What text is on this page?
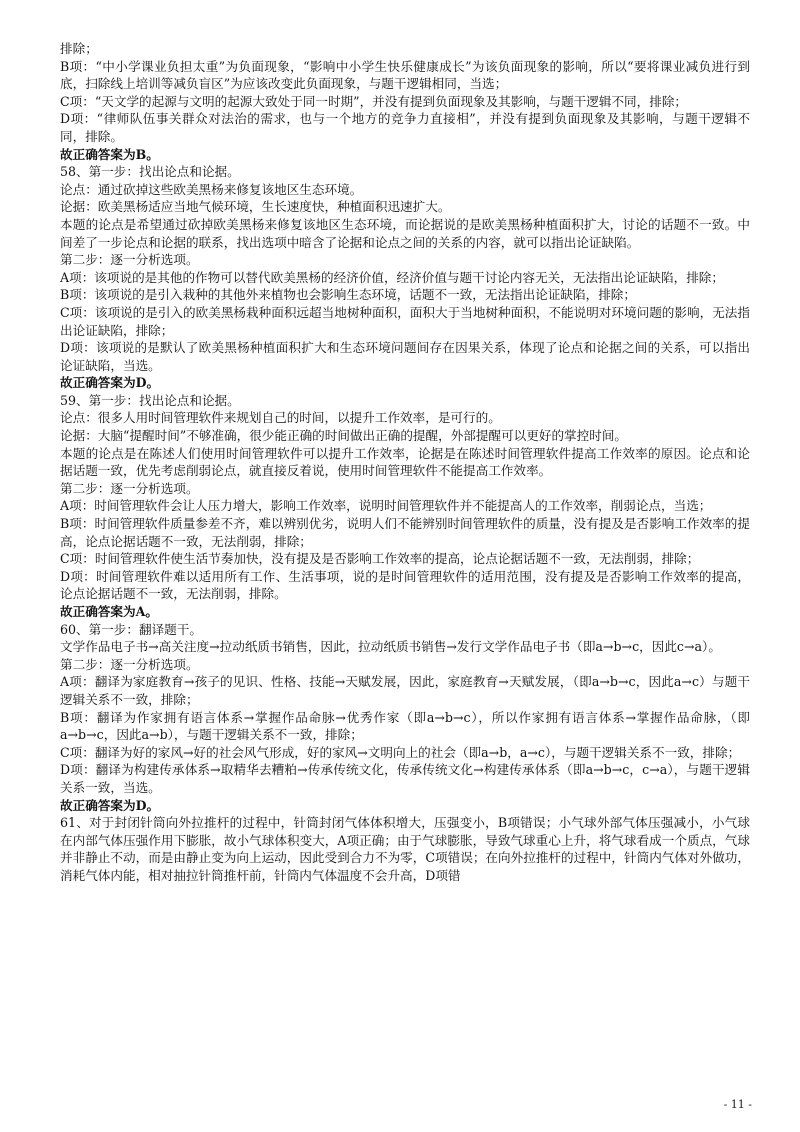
排除；

B项：“中小学课业负担太重”为负面现象，“影响中小学生快乐健康成长”为该负面现象的影响，所以“要将课业减负进行到底，扫除线上培训等减负盲区”为应该改变此负面现象，与题干逻辑相同，当选；

C项：“天文学的起源与文明的起源大致处于同一时期”，并没有提到负面现象及其影响，与题干逻辑不同，排除；

D项：“律师队伍事关群众对法治的需求，也与一个地方的竞争力直接相”，并没有提到负面现象及其影响，与题干逻辑不同，排除。

故正确答案为B。

58、第一步：找出论点和论据。

论点：通过砍掉这些欧美黑杨来修复该地区生态环境。

论据：欧美黑杨适应当地气候环境，生长速度快，种植面积迅速扩大。

本题的论点是希望通过砍掉欧美黑杨来修复该地区生态环境，而论据说的是欧美黑杨种植面积扩大，讨论的话题不一致。中间差了一步论点和论据的联系，找出选项中暗含了论据和论点之间的关系的内容，就可以指出论证缺陷。

第二步：逐一分析选项。

A项：该项说的是其他的作物可以替代欧美黑杨的经济价值，经济价值与题干讨论内容无关，无法指出论证缺陷，排除；

B项：该项说的是引入栽种的其他外来植物也会影响生态环境，话题不一致，无法指出论证缺陷，排除；

C项：该项说的是引入的欧美黑杨栽种面积远超当地树种面积，面积大于当地树种面积，不能说明对环境问题的影响，无法指出论证缺陷，排除；

D项：该项说的是默认了欧美黑杨种植面积扩大和生态环境问题间存在因果关系，体现了论点和论据之间的关系，可以指出论证缺陷，当选。

故正确答案为D。

59、第一步：找出论点和论据。

论点：很多人用时间管理软件来规划自己的时间，以提升工作效率，是可行的。

论据：大脑“提醒时间”不够准确，很少能正确的时间做出正确的提醒，外部提醒可以更好的掌控时间。

本题的论点是在陈述人们使用时间管理软件可以提升工作效率，论据是在陈述时间管理软件提高工作效率的原因。论点和论据话题一致，优先考虑削弱论点，就直接反着说，使用时间管理软件不能提高工作效率。

第二步：逐一分析选项。

A项：时间管理软件会让人压力增大，影响工作效率，说明时间管理软件并不能提高人的工作效率，削弱论点，当选；

B项：时间管理软件质量参差不齐，难以辨别优劣，说明人们不能辨别时间管理软件的质量，没有提及是否影响工作效率的提高，论点论据话题不一致，无法削弱，排除；

C项：时间管理软件使生活节奏加快，没有提及是否影响工作效率的提高，论点论据话题不一致，无法削弱，排除；

D项：时间管理软件难以适用所有工作、生活事项，说的是时间管理软件的适用范围，没有提及是否影响工作效率的提高，论点论据话题不一致，无法削弱，排除。

故正确答案为A。

60、第一步：翻译题干。

文学作品电子书→高关注度→拉动纸质书销售，因此，拉动纸质书销售→发行文学作品电子书（即a→b→c，因此c→a）。

第二步：逐一分析选项。

A项：翻译为家庭教育→孩子的见识、性格、技能→天赋发展，因此，家庭教育→天赋发展，（即a→b→c，因此a→c）与题干逻辑关系不一致，排除；

B项：翻译为作家拥有语言体系→掌握作品命脉→优秀作家（即a→b→c），所以作家拥有语言体系→掌握作品命脉，（即a→b→c，因此a→b），与题干逻辑关系不一致，排除；

C项：翻译为好的家风→好的社会风气形成，好的家风→文明向上的社会（即a→b，a→c），与题干逻辑关系不一致，排除；

D项：翻译为构建传承体系→取精华去糟粕→传承传统文化，传承传统文化→构建传承体系（即a→b→c，c→a），与题干逻辑关系一致，当选。

故正确答案为D。

61、对于封闭针筒向外拉推杆的过程中，针筒封闭气体体积增大，压强变小，B项错误；小气球外部气体压强减小，小气球在内部气体压强作用下膨胀，故小气球体积变大，A项正确；由于气球膨胀，导致气球重心上升，将气球看成一个质点，气球并非静止不动，而是由静止变为向上运动，因此受到合力不为零，C项错误；在向外拉推杆的过程中，针筒内气体对外做功，消耗气体内能，相对抽拉针筒推杆前，针筒内气体温度不会升高，D项错

- 11 -
